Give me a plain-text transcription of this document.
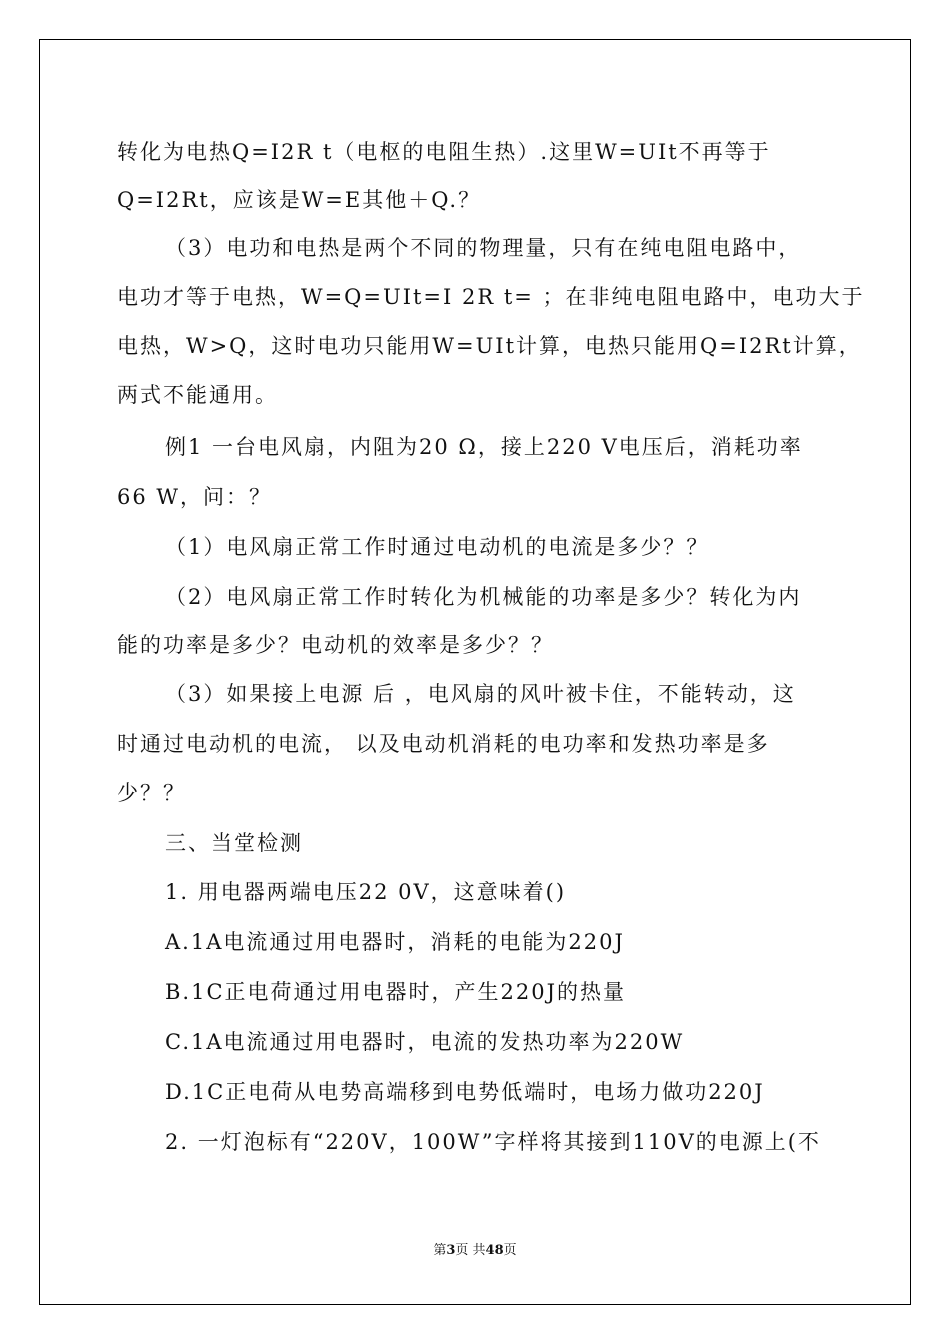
转化为电热Q=I2R t（电枢的电阻生热）.这里W=UIt不再等于
Q=I2Rt，应该是W=E其他＋Q.？
（3）电功和电热是两个不同的物理量，只有在纯电阻电路中，
电功才等于电热，W=Q=UIt=I 2R t= ；在非纯电阻电路中，电功大于
电热，W>Q，这时电功只能用W=UIt计算，电热只能用Q=I2Rt计算，
两式不能通用。
例1 一台电风扇，内阻为20 Ω，接上220 V电压后，消耗功率
66 W，问：？
（1）电风扇正常工作时通过电动机的电流是多少？？
（2）电风扇正常工作时转化为机械能的功率是多少？转化为内
能的功率是多少？电动机的效率是多少？？
（3）如果接上电源 后 ，电风扇的风叶被卡住，不能转动，这
时通过电动机的电流， 以及电动机消耗的电功率和发热功率是多
少？？
三、当堂检测
1. 用电器两端电压22 0V，这意味着()
A.1A电流通过用电器时，消耗的电能为220J
B.1C正电荷通过用电器时，产生220J的热量
C.1A电流通过用电器时，电流的发热功率为220W
D.1C正电荷从电势高端移到电势低端时，电场力做功220J
2. 一灯泡标有“220V，100W”字样将其接到110V的电源上(不
第3页 共48页
